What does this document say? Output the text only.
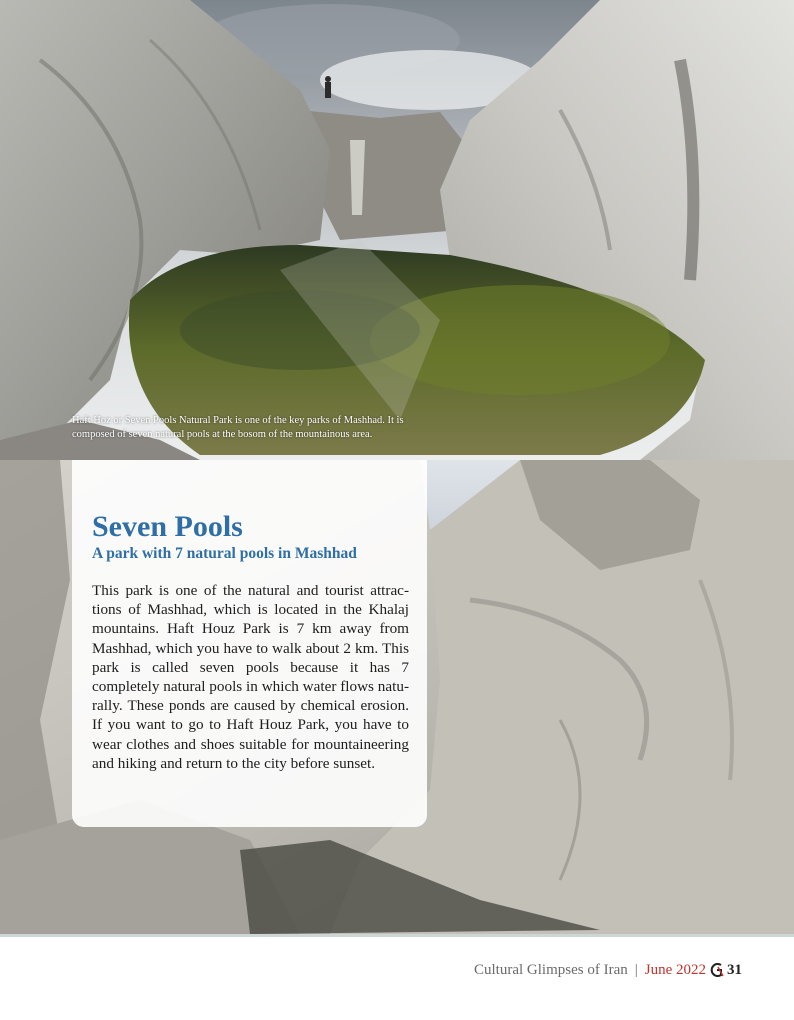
Haft Hoz or Seven Pools Natural Park is one of the key parks of Mashhad. It is composed of seven natural pools at the bosom of the mountainous area.
Seven Pools
A park with 7 natural pools in Mashhad

This park is one of the natural and tourist attractions of Mashhad, which is located in the Khalaj mountains. Haft Houz Park is 7 km away from Mashhad, which you have to walk about 2 km. This park is called seven pools because it has 7 completely natural pools in which water flows naturally. These ponds are caused by chemical erosion. If you want to go to Haft Houz Park, you have to wear clothes and shoes suitable for mountaineering and hiking and return to the city before sunset.

Cultural Glimpses of Iran | June 2022 31
